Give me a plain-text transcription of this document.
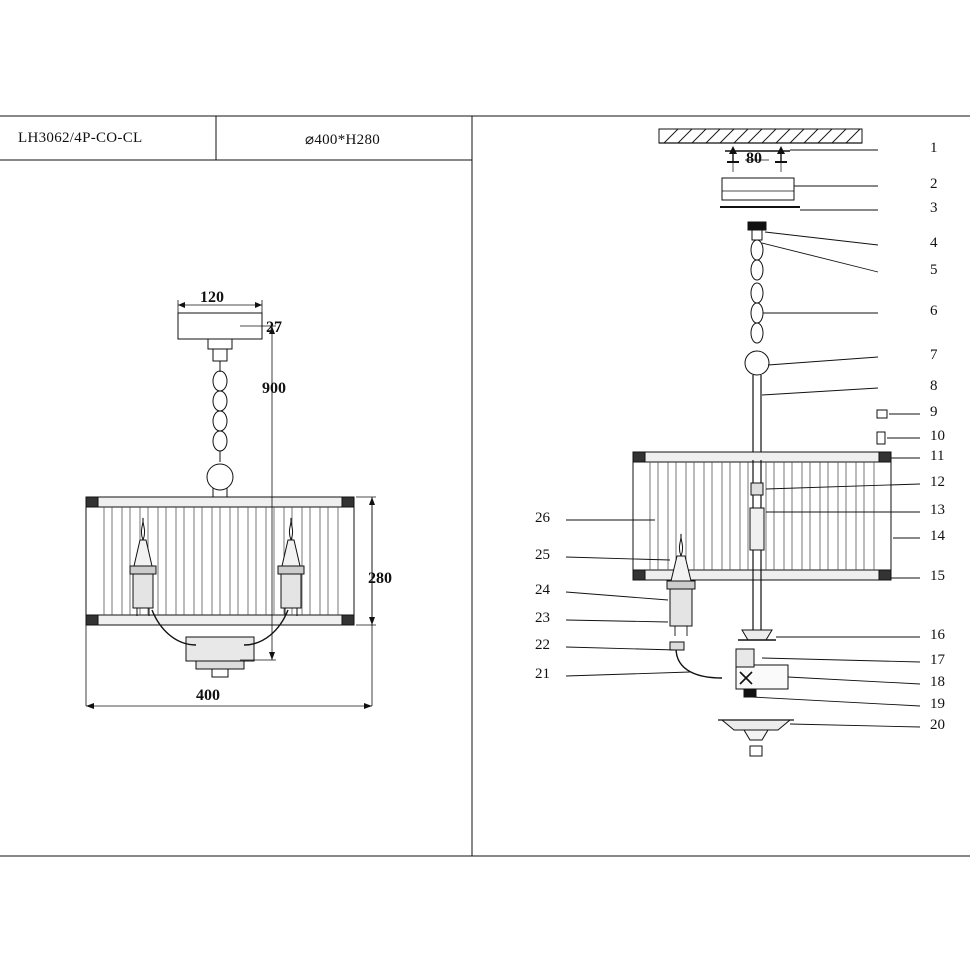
LH3062/4P-CO-CL	⌀400*H280
120
400
280
900
27
80
1
2
3
4
5
6
7
8
9
10
11
12
13
14
15
16
17
18
19
20
26
25
24
23
22
21
